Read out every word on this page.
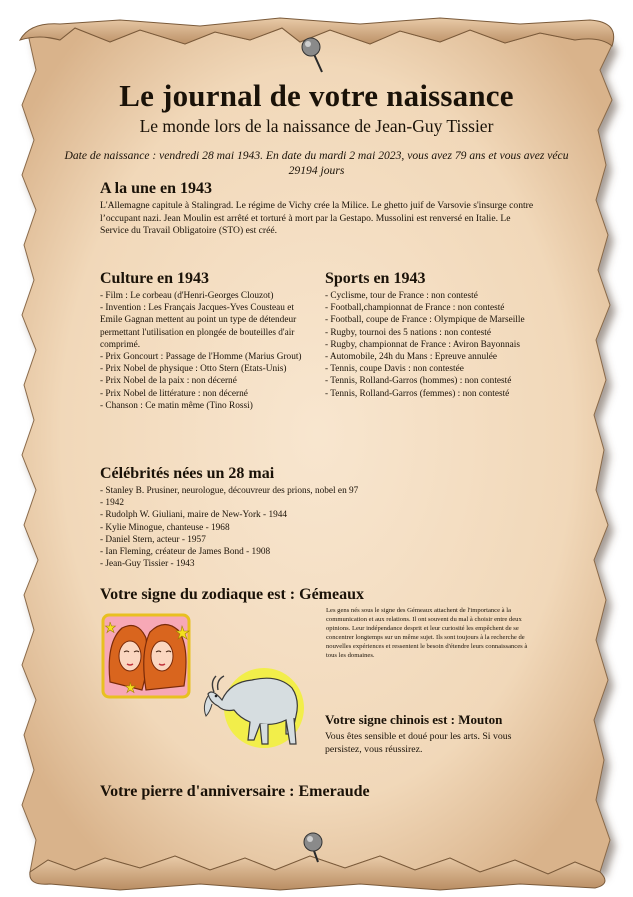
Le journal de votre naissance
Le monde lors de la naissance de Jean-Guy Tissier
Date de naissance : vendredi 28 mai 1943. En date du mardi 2 mai 2023, vous avez 79 ans et vous avez vécu 29194 jours
A la une en 1943
L'Allemagne capitule à Stalingrad. Le régime de Vichy crée la Milice. Le ghetto juif de Varsovie s'insurge contre l’occupant nazi. Jean Moulin est arrêté et torturé à mort par la Gestapo. Mussolini est renversé en Italie. Le Service du Travail Obligatoire (STO) est créé.
Culture en 1943
- Film : Le corbeau (d'Henri-Georges Clouzot)
- Invention : Les Français Jacques-Yves Cousteau et Emile Gagnan mettent au point un type de détendeur permettant l'utilisation en plongée de bouteilles d'air comprimé.
- Prix Goncourt : Passage de l'Homme (Marius Grout)
- Prix Nobel de physique : Otto Stern (Etats-Unis)
- Prix Nobel de la paix : non décerné
- Prix Nobel de littérature : non décerné
- Chanson : Ce matin même (Tino Rossi)
Sports en 1943
- Cyclisme, tour de France : non contesté
- Football,championnat de France : non contesté
- Football, coupe de France : Olympique de Marseille
- Rugby, tournoi des 5 nations : non contesté
- Rugby, championnat de France : Aviron Bayonnais
- Automobile, 24h du Mans : Epreuve annulée
- Tennis, coupe Davis : non contestée
- Tennis, Rolland-Garros (hommes) : non contesté
- Tennis, Rolland-Garros (femmes) : non contesté
Célébrités nées un 28 mai
- Stanley B. Prusiner, neurologue, découvreur des prions, nobel en 97 - 1942
- Rudolph W. Giuliani, maire de New-York - 1944
- Kylie Minogue, chanteuse - 1968
- Daniel Stern, acteur - 1957
- Ian Fleming, créateur de James Bond - 1908
- Jean-Guy Tissier - 1943
Votre signe du zodiaque est : Gémeaux
Les gens nés sous le signe des Gémeaux attachent de l'importance à la communication et aux relations. Il ont souvent du mal à choisir entre deux opinions. Leur indépendance desprit et leur curiosité les empêchent de se concentrer longtemps sur un même sujet. Ils sont toujours à la recherche de nouvelles expériences et ressentent le besoin d'étendre leurs connaissances à tous les domaines.
Votre signe chinois est : Mouton
Vous êtes sensible et doué pour les arts. Si vous persistez, vous réussirez.
Votre pierre d'anniversaire : Emeraude
